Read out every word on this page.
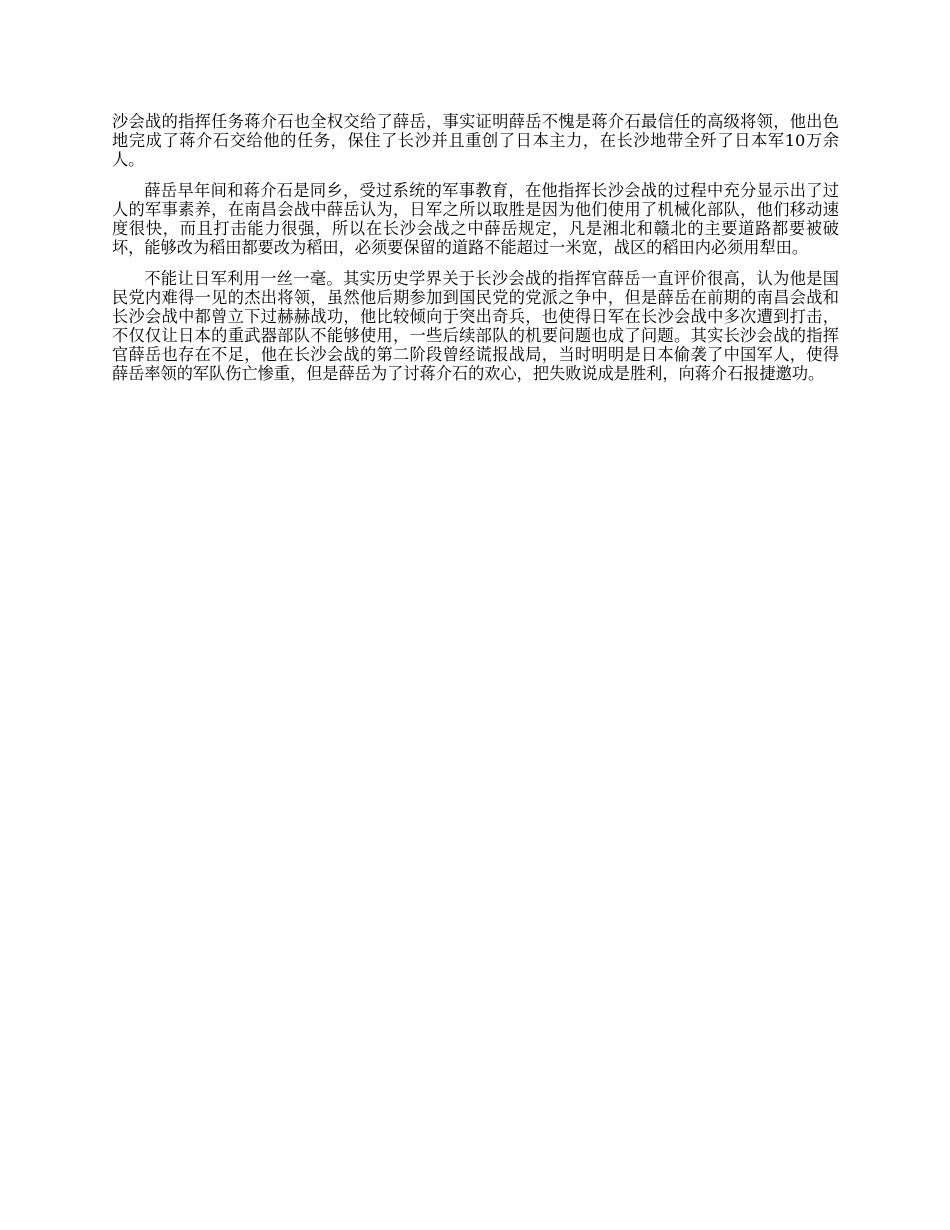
沙会战的指挥任务蒋介石也全权交给了薛岳，事实证明薛岳不愧是蒋介石最信任的高级将领，他出色地完成了蒋介石交给他的任务，保住了长沙并且重创了日本主力，在长沙地带全歼了日本军10万余人。

薛岳早年间和蒋介石是同乡，受过系统的军事教育，在他指挥长沙会战的过程中充分显示出了过人的军事素养，在南昌会战中薛岳认为，日军之所以取胜是因为他们使用了机械化部队，他们移动速度很快，而且打击能力很强，所以在长沙会战之中薛岳规定，凡是湘北和赣北的主要道路都要被破坏，能够改为稻田都要改为稻田，必须要保留的道路不能超过一米宽，战区的稻田内必须用犁田。

不能让日军利用一丝一毫。其实历史学界关于长沙会战的指挥官薛岳一直评价很高，认为他是国民党内难得一见的杰出将领，虽然他后期参加到国民党的党派之争中，但是薛岳在前期的南昌会战和长沙会战中都曾立下过赫赫战功，他比较倾向于突出奇兵，也使得日军在长沙会战中多次遭到打击，不仅仅让日本的重武器部队不能够使用，一些后续部队的机要问题也成了问题。其实长沙会战的指挥官薛岳也存在不足，他在长沙会战的第二阶段曾经谎报战局，当时明明是日本偷袭了中国军人，使得薛岳率领的军队伤亡惨重，但是薛岳为了讨蒋介石的欢心，把失败说成是胜利，向蒋介石报捷邀功。
